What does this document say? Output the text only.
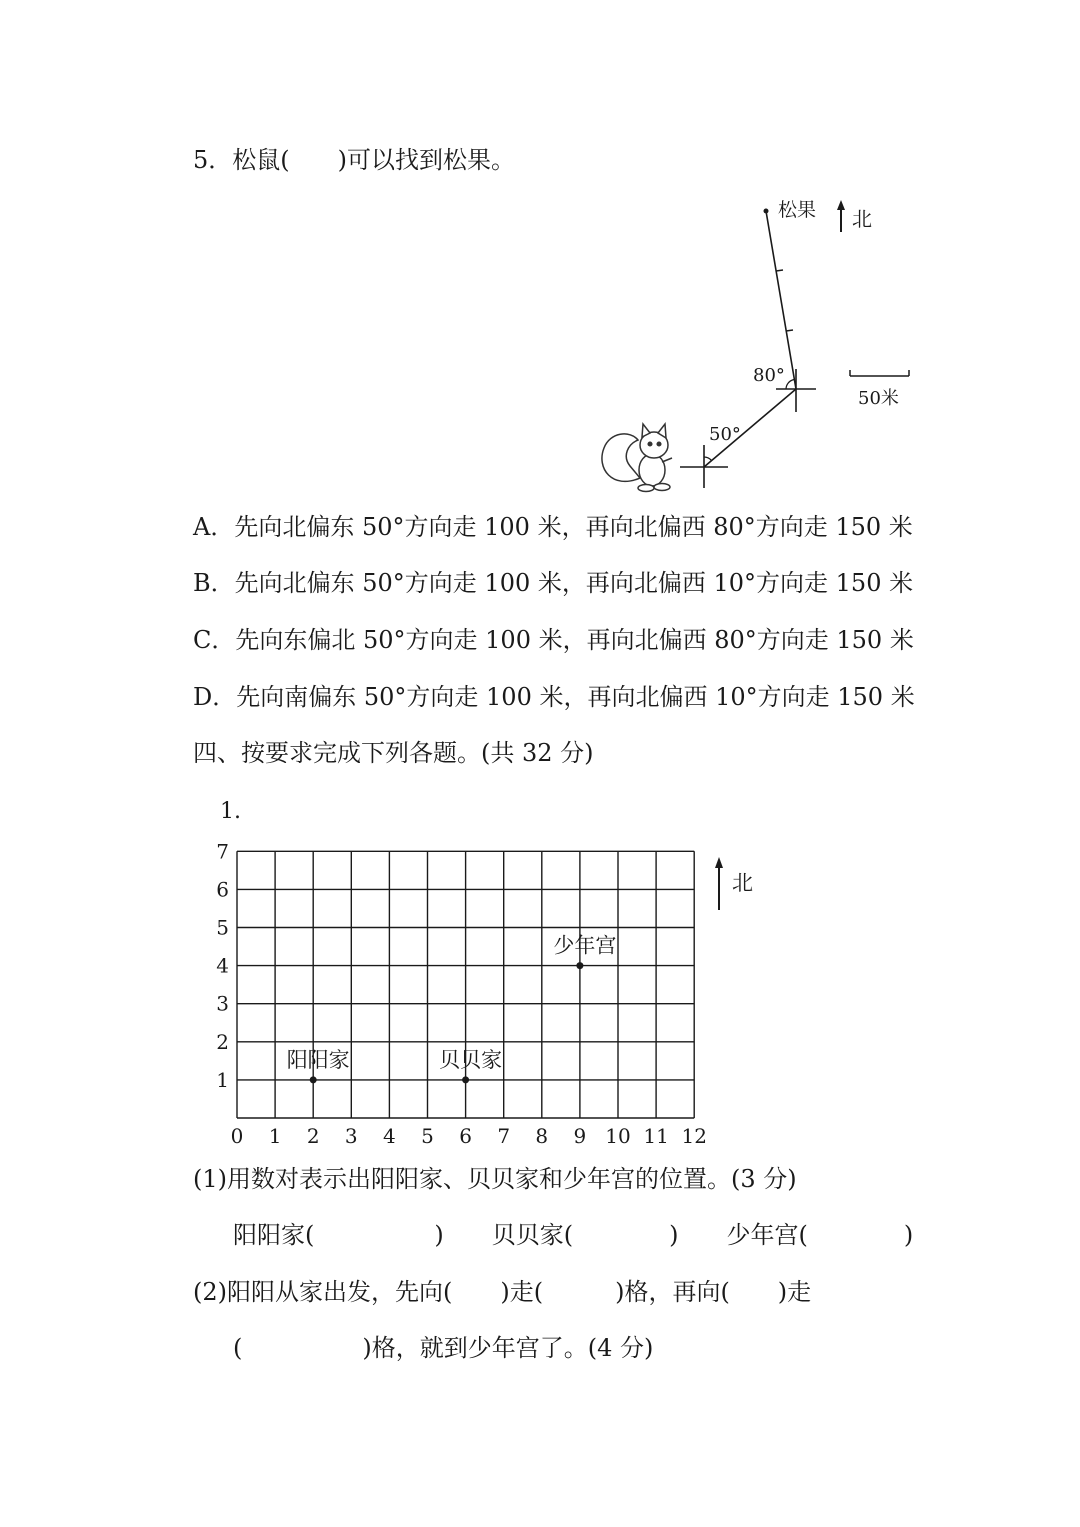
5．松鼠(　　)可以找到松果。
松果 北
80°
50米
50°
A．先向北偏东 50°方向走 100 米，再向北偏西 80°方向走 150 米
B．先向北偏东 50°方向走 100 米，再向北偏西 10°方向走 150 米
C．先向东偏北 50°方向走 100 米，再向北偏西 80°方向走 150 米
D．先向南偏东 50°方向走 100 米，再向北偏西 10°方向走 150 米
四、按要求完成下列各题。(共 32 分)
1.
0 1 2 3 4 5 6 7 8 9 10 11 12
1
2
3
4
5
6
7
阳阳家	贝贝家
少年宫
北
(1)用数对表示出阳阳家、贝贝家和少年宫的位置。(3 分)
阳阳家(　　　　　)　　贝贝家(　　　　)　　少年宫(　　　　)
(2)阳阳从家出发，先向(　　)走(　　　)格，再向(　　)走
(　　　　　)格，就到少年宫了。(4 分)
